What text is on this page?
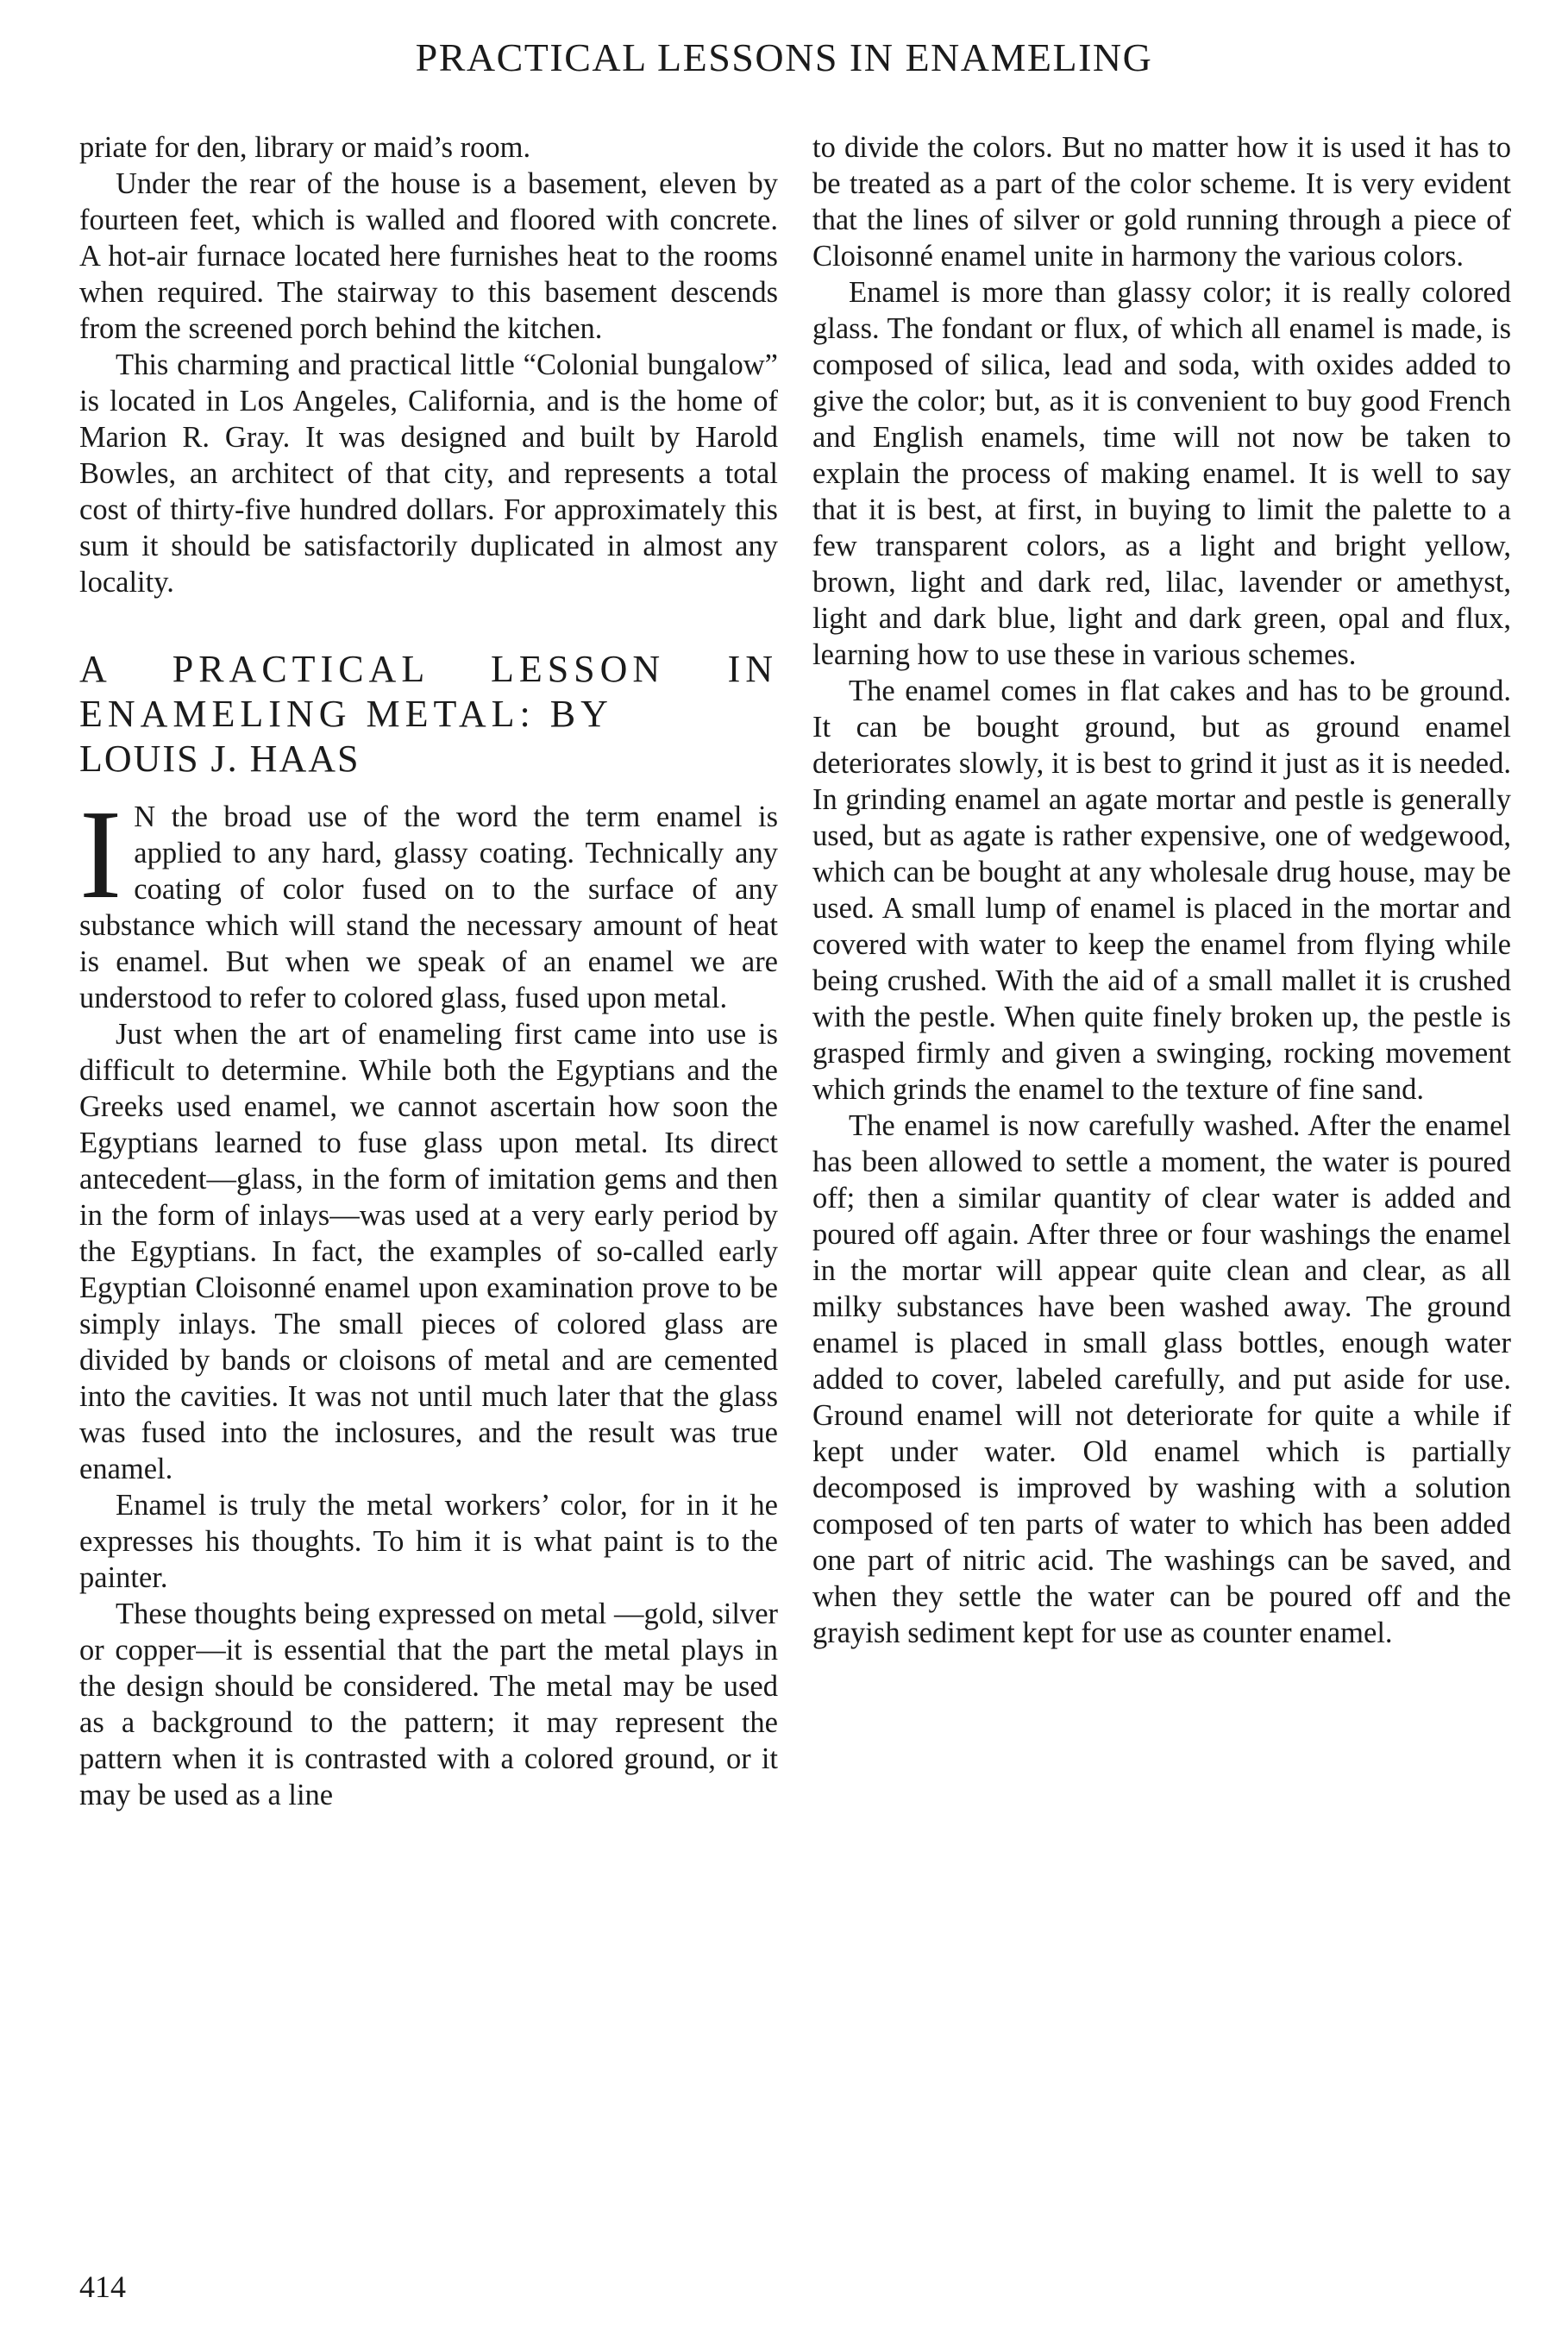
PRACTICAL LESSONS IN ENAMELING

priate for den, library or maid’s room.

Under the rear of the house is a basement, eleven by fourteen feet, which is walled and floored with concrete. A hot-air furnace located here furnishes heat to the rooms when required. The stairway to this basement descends from the screened porch behind the kitchen.

This charming and practical little “Colonial bungalow” is located in Los Angeles, California, and is the home of Marion R. Gray. It was designed and built by Harold Bowles, an architect of that city, and represents a total cost of thirty-five hundred dollars. For approximately this sum it should be satisfactorily duplicated in almost any locality.

A PRACTICAL LESSON IN ENAMELING METAL: BY
LOUIS J. HAAS
I N the broad use of the word the term enamel is applied to any hard, glassy coating. Technically any coating of color fused on to the surface of any substance which will stand the necessary amount of heat is enamel. But when we speak of an enamel we are understood to refer to colored glass, fused upon metal.

Just when the art of enameling first came into use is difficult to determine. While both the Egyptians and the Greeks used enamel, we cannot ascertain how soon the Egyptians learned to fuse glass upon metal. Its direct antecedent—glass, in the form of imitation gems and then in the form of inlays—was used at a very early period by the Egyptians. In fact, the examples of so-called early Egyptian Cloisonné enamel upon examination prove to be simply inlays. The small pieces of colored glass are divided by bands or cloisons of metal and are cemented into the cavities. It was not until much later that the glass was fused into the inclosures, and the result was true enamel.

Enamel is truly the metal workers’ color, for in it he expresses his thoughts. To him it is what paint is to the painter.

These thoughts being expressed on metal —gold, silver or copper—it is essential that the part the metal plays in the design should be considered. The metal may be used as a background to the pattern; it may represent the pattern when it is contrasted with a colored ground, or it may be used as a line

to divide the colors. But no matter how it is used it has to be treated as a part of the color scheme. It is very evident that the lines of silver or gold running through a piece of Cloisonné enamel unite in harmony the various colors.

Enamel is more than glassy color; it is really colored glass. The fondant or flux, of which all enamel is made, is composed of silica, lead and soda, with oxides added to give the color; but, as it is convenient to buy good French and English enamels, time will not now be taken to explain the process of making enamel. It is well to say that it is best, at first, in buying to limit the palette to a few transparent colors, as a light and bright yellow, brown, light and dark red, lilac, lavender or amethyst, light and dark blue, light and dark green, opal and flux, learning how to use these in various schemes.

The enamel comes in flat cakes and has to be ground. It can be bought ground, but as ground enamel deteriorates slowly, it is best to grind it just as it is needed. In grinding enamel an agate mortar and pestle is generally used, but as agate is rather expensive, one of wedgewood, which can be bought at any wholesale drug house, may be used. A small lump of enamel is placed in the mortar and covered with water to keep the enamel from flying while being crushed. With the aid of a small mallet it is crushed with the pestle. When quite finely broken up, the pestle is grasped firmly and given a swinging, rocking movement which grinds the enamel to the texture of fine sand.

The enamel is now carefully washed. After the enamel has been allowed to settle a moment, the water is poured off; then a similar quantity of clear water is added and poured off again. After three or four washings the enamel in the mortar will appear quite clean and clear, as all milky substances have been washed away. The ground enamel is placed in small glass bottles, enough water added to cover, labeled carefully, and put aside for use. Ground enamel will not deteriorate for quite a while if kept under water. Old enamel which is partially decomposed is improved by washing with a solution composed of ten parts of water to which has been added one part of nitric acid. The washings can be saved, and when they settle the water can be poured off and the grayish sediment kept for use as counter enamel.

414
